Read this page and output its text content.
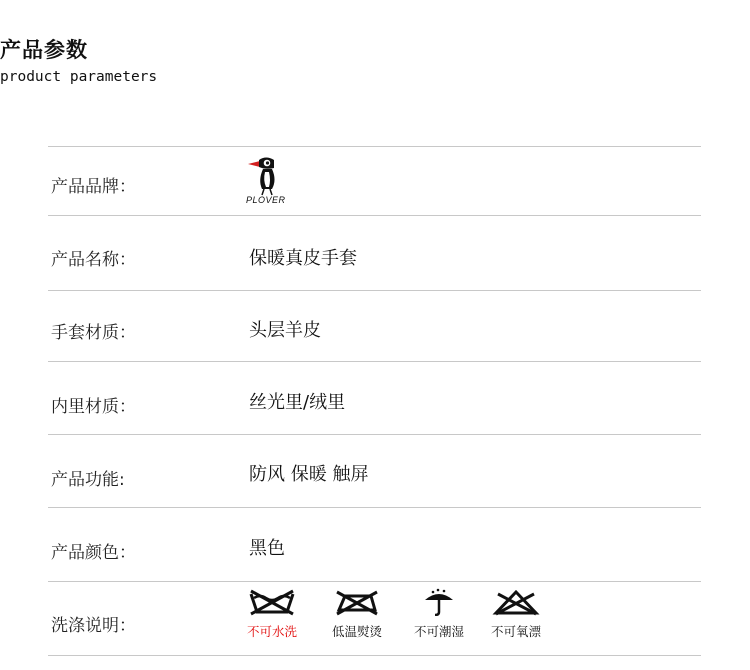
产品参数
product parameters
产品品牌：
PLOVER
产品名称：	保暖真皮手套
手套材质：	头层羊皮
内里材质：	丝光里/绒里
产品功能:	防风 保暖 触屏
产品颜色：	黑色
洗涤说明：	不可水洗	低温熨烫	不可潮湿	不可氧漂
